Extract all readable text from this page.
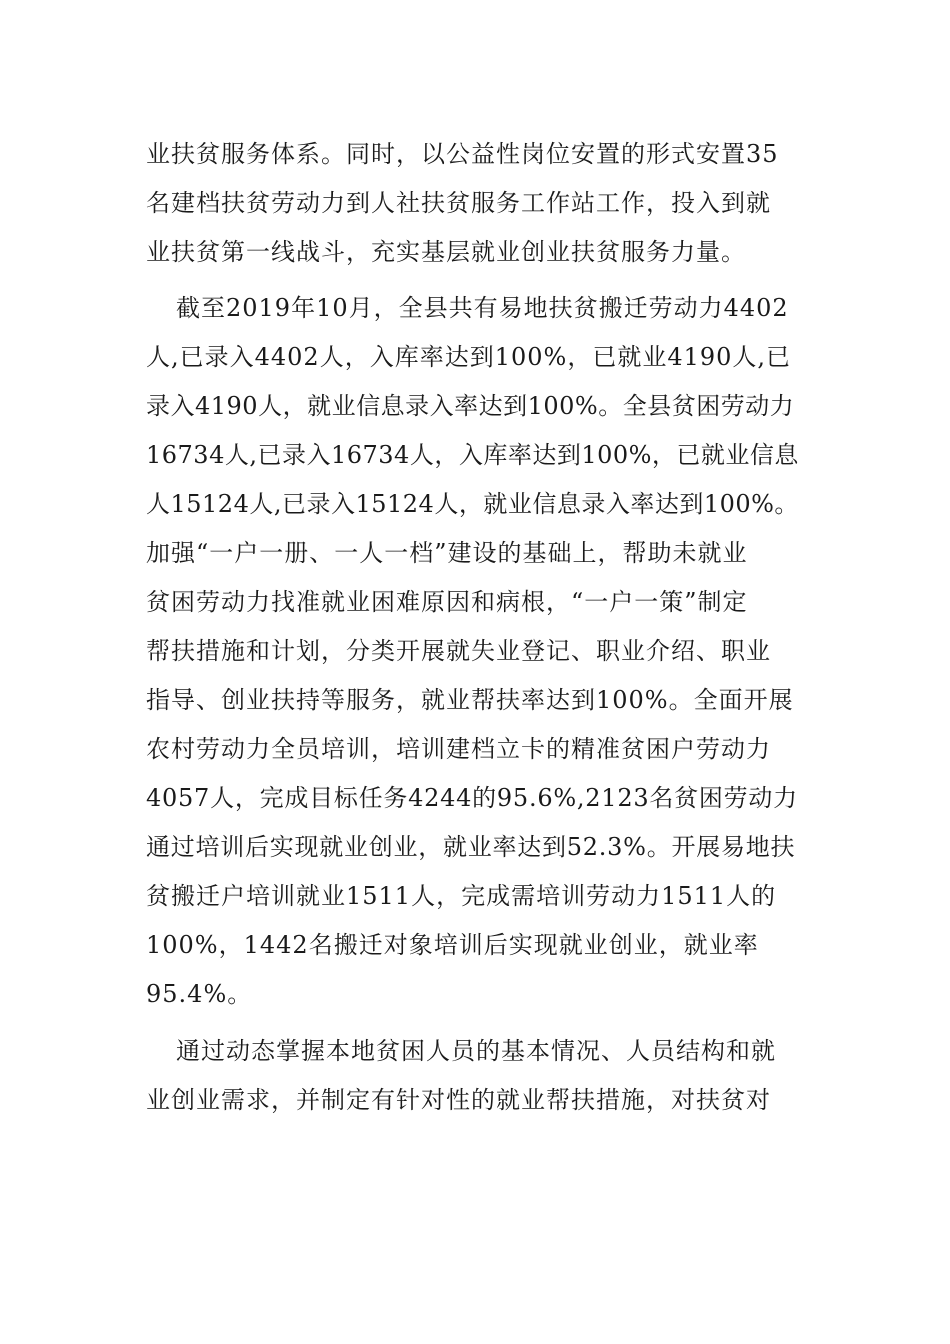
业扶贫服务体系。同时，以公益性岗位安置的形式安置35
名建档扶贫劳动力到人社扶贫服务工作站工作，投入到就
业扶贫第一线战斗，充实基层就业创业扶贫服务力量。
截至2019年10月，全县共有易地扶贫搬迁劳动力4402
人,已录入4402人，入库率达到100%，已就业4190人,已
录入4190人，就业信息录入率达到100%。全县贫困劳动力
16734人,已录入16734人，入库率达到100%，已就业信息
人15124人,已录入15124人，就业信息录入率达到100%。
加强“一户一册、一人一档”建设的基础上，帮助未就业
贫困劳动力找准就业困难原因和病根，“一户一策”制定
帮扶措施和计划，分类开展就失业登记、职业介绍、职业
指导、创业扶持等服务，就业帮扶率达到100%。全面开展
农村劳动力全员培训，培训建档立卡的精准贫困户劳动力
4057人，完成目标任务4244的95.6%,2123名贫困劳动力
通过培训后实现就业创业，就业率达到52.3%。开展易地扶
贫搬迁户培训就业1511人，完成需培训劳动力1511人的
100%，1442名搬迁对象培训后实现就业创业，就业率
95.4%。
通过动态掌握本地贫困人员的基本情况、人员结构和就
业创业需求，并制定有针对性的就业帮扶措施，对扶贫对
